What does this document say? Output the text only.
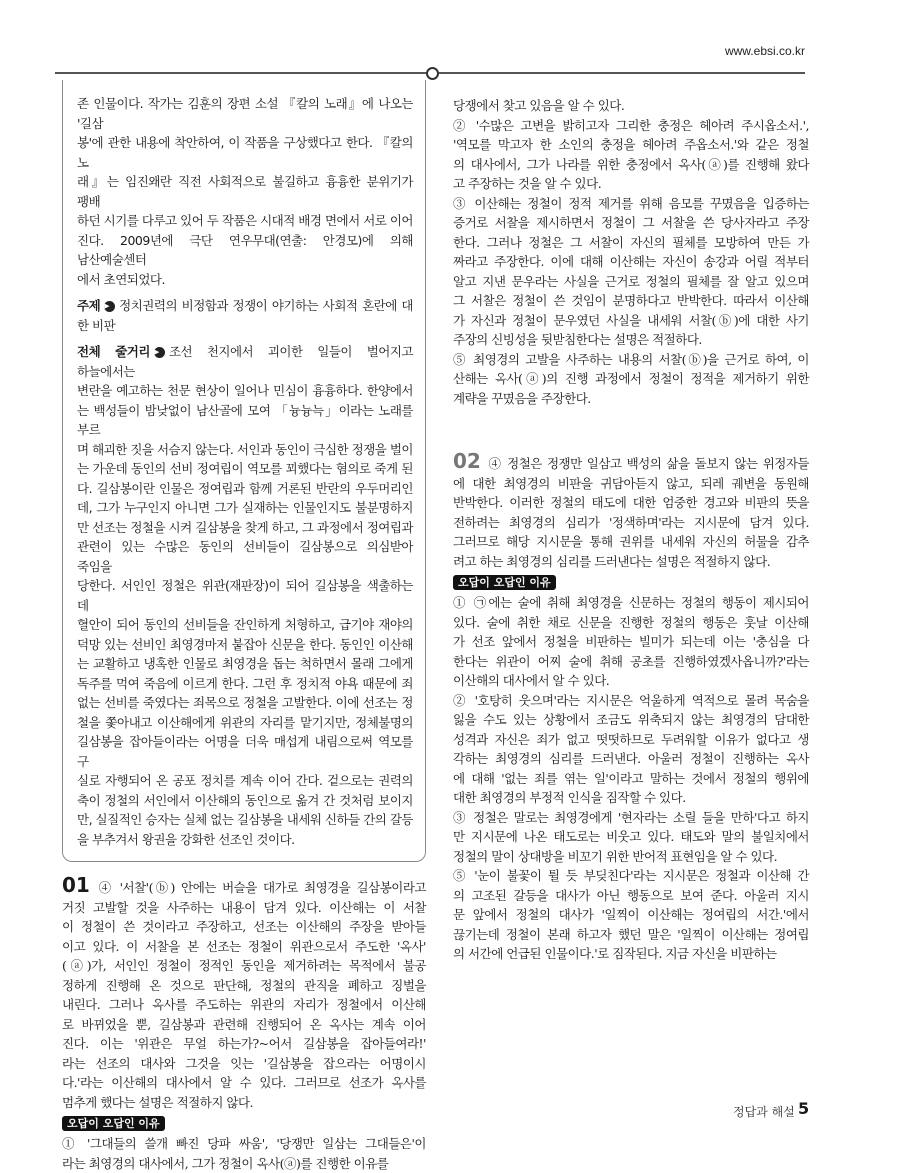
www.ebsi.co.kr
존 인물이다. 작가는 김훈의 장편 소설 『칼의 노래』에 나오는 '길삼
봉'에 관한 내용에 착안하여, 이 작품을 구상했다고 한다. 『칼의 노
래』는 임진왜란 직전 사회적으로 불길하고 흉흉한 분위기가 팽배
하던 시기를 다루고 있어 두 작품은 시대적 배경 면에서 서로 이어
진다. 2009년에 극단 연우무대(연출: 안경모)에 의해 남산예술센터
에서 초연되었다.
주제 ▶ 정치권력의 비정함과 정쟁이 야기하는 사회적 혼란에 대
한 비판
전체 줄거리 ▶ 조선 천지에서 괴이한 일들이 벌어지고 하늘에서는
변란을 예고하는 천문 현상이 일어나 민심이 흉흉하다. 한양에서
는 백성들이 밤낮없이 남산골에 모여 「늉늉늑」이라는 노래를 부르
며 해괴한 짓을 서슴지 않는다. 서인과 동인이 극심한 정쟁을 벌이
는 가운데 동인의 선비 정여립이 역모를 꾀했다는 혐의로 죽게 된
다. 길삼봉이란 인물은 정여립과 함께 거론된 반란의 우두머리인
데, 그가 누구인지 아니면 그가 실재하는 인물인지도 불분명하지
만 선조는 정철을 시켜 길삼봉을 찾게 하고, 그 과정에서 정여립과
관련이 있는 수많은 동인의 선비들이 길삼봉으로 의심받아 죽임을
당한다. 서인인 정철은 위관(재판장)이 되어 길삼봉을 색출하는 데
혈안이 되어 동인의 선비들을 잔인하게 처형하고, 급기야 재야의
덕망 있는 선비인 최영경마저 붙잡아 신문을 한다. 동인인 이산해
는 교활하고 냉혹한 인물로 최영경을 돕는 척하면서 몰래 그에게
독주를 먹여 죽음에 이르게 한다. 그런 후 정치적 야욕 때문에 죄
없는 선비를 죽였다는 죄목으로 정철을 고발한다. 이에 선조는 정
철을 쫓아내고 이산해에게 위관의 자리를 맡기지만, 정체불명의
길삼봉을 잡아들이라는 어명을 더욱 매섭게 내림으로써 역모를 구
실로 자행되어 온 공포 정치를 계속 이어 간다. 겉으로는 권력의
축이 정철의 서인에서 이산해의 동인으로 옮겨 간 것처럼 보이지
만, 실질적인 승자는 실체 없는 길삼봉을 내세워 신하들 간의 갈등
을 부추겨서 왕권을 강화한 선조인 것이다.
01 ④ '서찰'(ⓑ) 안에는 버슬을 대가로 최영경을 길삼봉이라고
거짓 고발할 것을 사주하는 내용이 담겨 있다. 이산해는 이 서찰
이 정철이 쓴 것이라고 주장하고, 선조는 이산해의 주장을 받아들
이고 있다. 이 서찰을 본 선조는 정철이 위관으로서 주도한 '옥사'
(ⓐ)가, 서인인 정철이 정적인 동인을 제거하려는 목적에서 불공
정하게 진행해 온 것으로 판단해, 정철의 관직을 폐하고 징벌을
내린다. 그러나 옥사를 주도하는 위관의 자리가 정철에서 이산해
로 바뀌었을 뿐, 길삼봉과 관련해 진행되어 온 옥사는 계속 이어
진다. 이는 '위관은 무얼 하는가?~어서 길삼봉을 잡아들여라!'
라는 선조의 대사와 그것을 잇는 '길삼봉을 잡으라는 어명이시
다.'라는 이산해의 대사에서 알 수 있다. 그러므로 선조가 옥사를
멈추게 했다는 설명은 적절하지 않다.
오답이 오답인 이유
① '그대들의 쓸개 빠진 당파 싸움', '당쟁만 일삼는 그대들은'이
라는 최영경의 대사에서, 그가 정철이 옥사(ⓐ)를 진행한 이유를
당쟁에서 찾고 있음을 알 수 있다.
② '수많은 고변을 밝히고자 그리한 충정은 헤아려 주시옵소서.',
'역모를 막고자 한 소인의 충정을 헤아려 주옵소서.'와 같은 정철
의 대사에서, 그가 나라를 위한 충정에서 옥사(ⓐ)를 진행해 왔다
고 주장하는 것을 알 수 있다.
③ 이산해는 정철이 정적 제거를 위해 음모를 꾸몄음을 입증하는
증거로 서찰을 제시하면서 정철이 그 서찰을 쓴 당사자라고 주장
한다. 그러나 정철은 그 서찰이 자신의 필체를 모방하여 만든 가
짜라고 주장한다. 이에 대해 이산해는 자신이 송강과 어릴 적부터
알고 지낸 문우라는 사실을 근거로 정철의 필체를 잘 알고 있으며
그 서찰은 정철이 쓴 것임이 분명하다고 반박한다. 따라서 이산해
가 자신과 정철이 문우였던 사실을 내세워 서찰(ⓑ)에 대한 사기
주장의 신빙성을 뒷받침한다는 설명은 적절하다.
⑤ 최영경의 고발을 사주하는 내용의 서찰(ⓑ)을 근거로 하여, 이
산해는 옥사(ⓐ)의 진행 과정에서 정철이 정적을 제거하기 위한
계략을 꾸몄음을 주장한다.
02 ④ 정철은 정쟁만 일삼고 백성의 삶을 돌보지 않는 위정자들
에 대한 최영경의 비판을 귀담아듣지 않고, 되레 궤변을 동원해
반박한다. 이러한 정철의 태도에 대한 엄중한 경고와 비판의 뜻을
전하려는 최영경의 심리가 '정색하며'라는 지시문에 담겨 있다.
그러므로 해당 지시문을 통해 권위를 내세워 자신의 허물을 감추
려고 하는 최영경의 심리를 드러낸다는 설명은 적절하지 않다.
오답이 오답인 이유
① ㉠에는 술에 취해 최영경을 신문하는 정철의 행동이 제시되어
있다. 술에 취한 채로 신문을 진행한 정철의 행동은 훗날 이산해
가 선조 앞에서 정철을 비판하는 빌미가 되는데 이는 '충심을 다
한다는 위관이 어찌 술에 취해 공초를 진행하였겠사옵니까?'라는
이산해의 대사에서 알 수 있다.
② '호탕히 웃으며'라는 지시문은 억울하게 역적으로 몰려 목숨을
잃을 수도 있는 상황에서 조금도 위축되지 않는 최영경의 담대한
성격과 자신은 죄가 없고 떳떳하므로 두려워할 이유가 없다고 생
각하는 최영경의 심리를 드러낸다. 아울러 정철이 진행하는 옥사
에 대해 '없는 죄를 엮는 일'이라고 말하는 것에서 정철의 행위에
대한 최영경의 부정적 인식을 짐작할 수 있다.
③ 정철은 말로는 최영경에게 '현자라는 소릴 들을 만하'다고 하지
만 지시문에 나온 태도로는 비웃고 있다. 태도와 말의 불일치에서
정철의 말이 상대방을 비꼬기 위한 반어적 표현임을 알 수 있다.
⑤ '눈이 불꽃이 튈 듯 부딪친다'라는 지시문은 정철과 이산해 간
의 고조된 갈등을 대사가 아닌 행동으로 보여 준다. 아울러 지시
문 앞에서 정철의 대사가 '일찍이 이산해는 정여립의 서간.'에서
끊기는데 정철이 본래 하고자 했던 말은 '일찍이 이산해는 정여립
의 서간에 언급된 인물이다.'로 짐작된다. 지금 자신을 비판하는
정답과 해설 5
